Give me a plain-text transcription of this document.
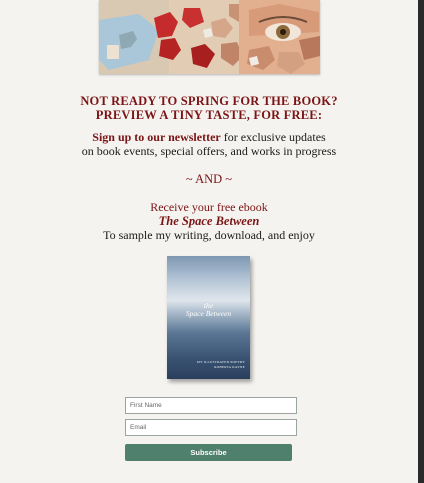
NOT READY TO SPRING FOR THE BOOK?
PREVIEW A TINY TASTE, FOR FREE:
Sign up to our newsletter for exclusive updates
on book events, special offers, and works in progress
~ AND ~
Receive your free ebook
The Space Between
To sample my writing, download, and enjoy
the
Space Between
MY ILLUSTRATED POETRY
ROBERTA RAYNE
First Name
Email
Subscribe
